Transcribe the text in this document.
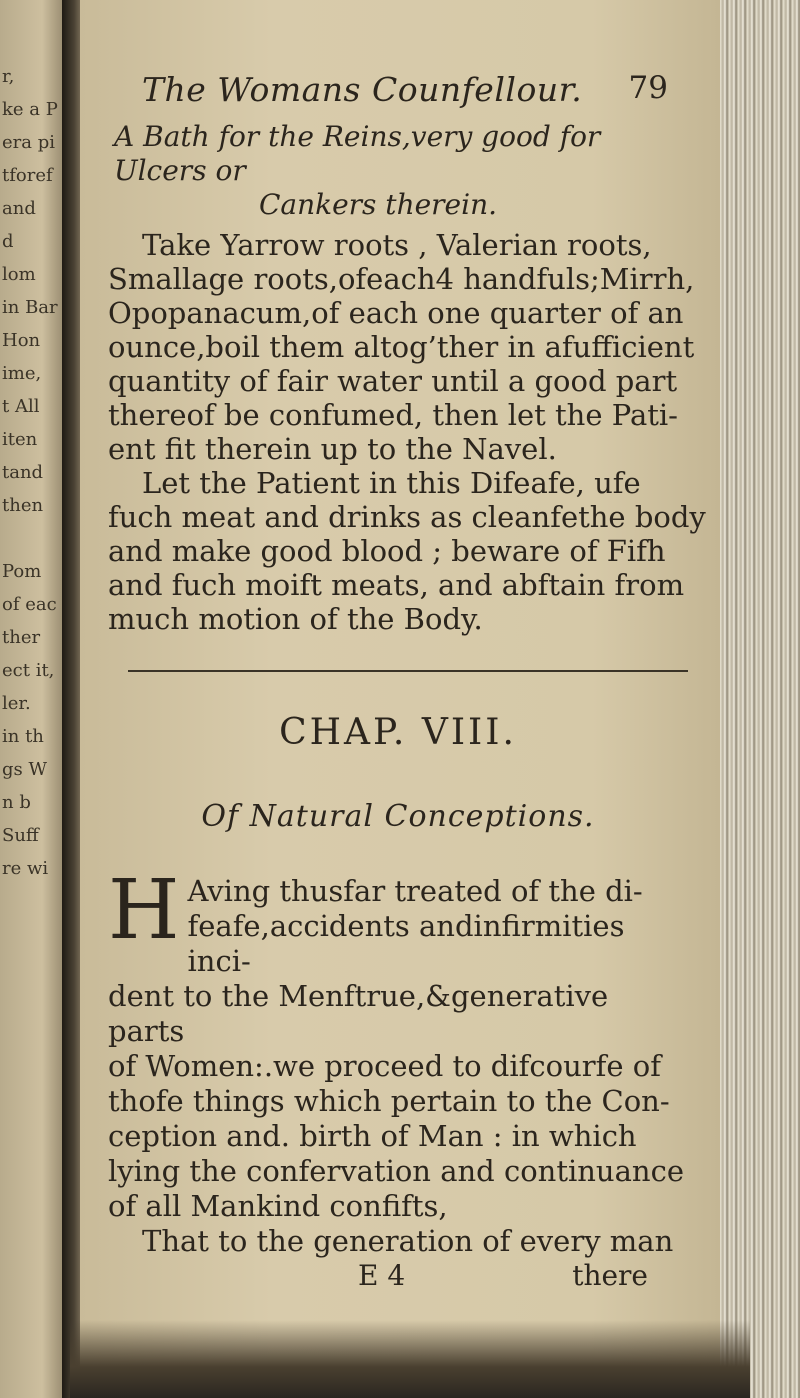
r,
ke a P
era pi
tforef
and
d
lom
in Bar
Hon
ime,
t All
iten
tand
then

Pom
of eac
ther
ect it,
ler.
in th
gs W
n b
Suff
re wi
The Womans Counfellour. 79
A Bath for the Reins,very good for Ulcers or
Cankers therein.
Take Yarrow roots , Valerian roots,
Smallage roots,ofeach4 handfuls;Mirrh,
Opopanacum,of each one quarter of an
ounce,boil them altog’ther in afufficient
quantity of fair water until a good part
thereof be confumed, then let the Pati-
ent fit therein up to the Navel.
Let the Patient in this Difeafe, ufe
fuch meat and drinks as cleanfethe body
and make good blood ; beware of Fifh
and fuch moift meats, and abftain from
much motion of the Body.
CHAP. VIII.
Of Natural Conceptions.
H Aving thusfar treated of the di-
feafe,accidents andinfirmities inci-
dent to the Menftrue,&generative parts
of Women:.we proceed to difcourfe of
thofe things which pertain to the Con-
ception and. birth of Man : in which
lying the confervation and continuance
of all Mankind confifts,
That to the generation of every man
E 4	there
